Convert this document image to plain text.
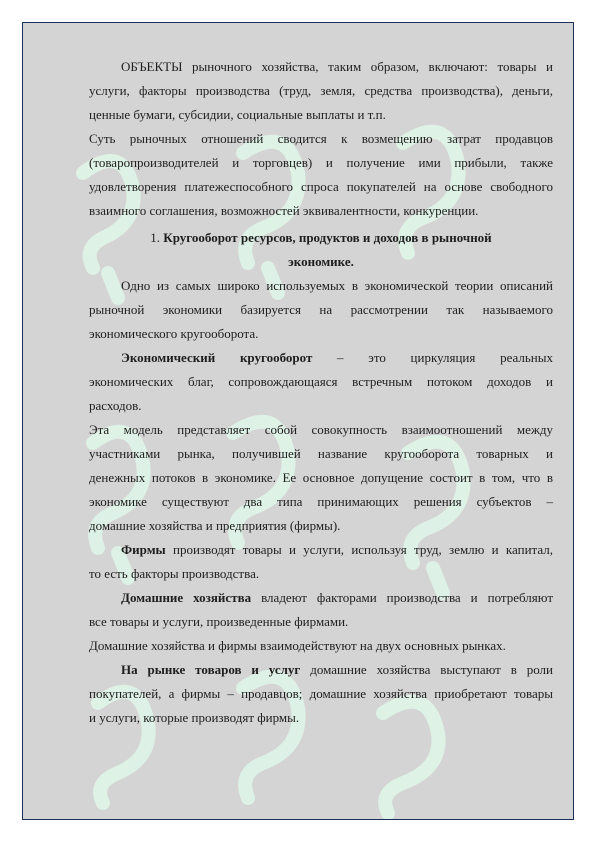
ОБЪЕКТЫ рыночного хозяйства, таким образом, включают: товары и
услуги, факторы производства (труд, земля, средства производства), деньги,
ценные бумаги, субсидии, социальные выплаты и т.п.
Суть рыночных отношений сводится к возмещению затрат продавцов
(товаропроизводителей и торговцев) и получение ими прибыли, также
удовлетворения платежеспособного спроса покупателей на основе свободного
взаимного соглашения, возможностей эквивалентности, конкуренции.
1. Кругооборот ресурсов, продуктов и доходов в рыночной
экономике.
Одно из самых широко используемых в экономической теории описаний
рыночной экономики базируется на рассмотрении так называемого
экономического кругооборота.
Экономический кругооборот – это циркуляция реальных
экономических благ, сопровождающаяся встречным потоком доходов и
расходов.
Эта модель представляет собой совокупность взаимоотношений между
участниками рынка, получившей название кругооборота товарных и
денежных потоков в экономике. Ее основное допущение состоит в том, что в
экономике существуют два типа принимающих решения субъектов –
домашние хозяйства и предприятия (фирмы).
Фирмы производят товары и услуги, используя труд, землю и капитал,
то есть факторы производства.
Домашние хозяйства владеют факторами производства и потребляют
все товары и услуги, произведенные фирмами.
Домашние хозяйства и фирмы взаимодействуют на двух основных рынках.
На рынке товаров и услуг домашние хозяйства выступают в роли
покупателей, а фирмы – продавцов; домашние хозяйства приобретают товары
и услуги, которые производят фирмы.
